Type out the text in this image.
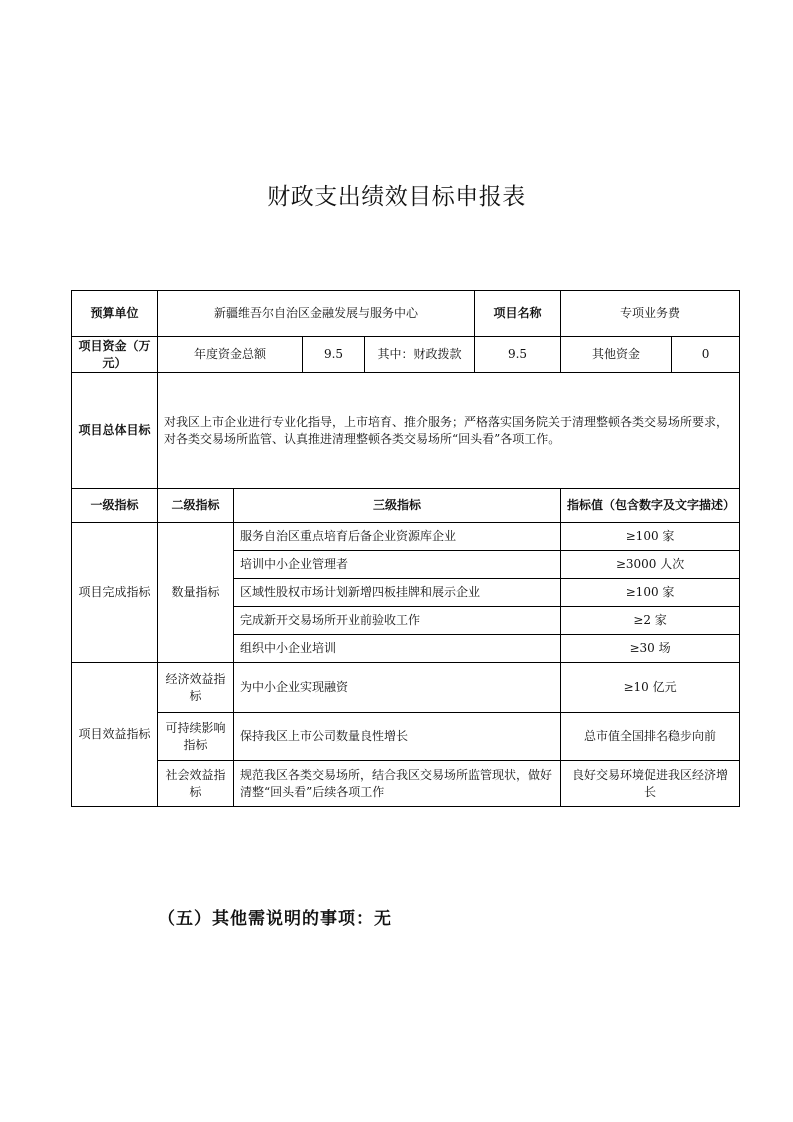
财政支出绩效目标申报表
预算单位	新疆维吾尔自治区金融发展与服务中心				项目名称	专项业务费	
项目资金（万元）	年度资金总额		9.5	其中：财政拨款	9.5	其他资金	0
项目总体目标	对我区上市企业进行专业化指导，上市培育、推介服务；严格落实国务院关于清理整顿各类交易场所要求，对各类交易场所监管、认真推进清理整顿各类交易场所“回头看”各项工作。						
一级指标	二级指标	三级指标				指标值（包含数字及文字描述）	
项目完成指标	数量指标	服务自治区重点培育后备企业资源库企业				≥100 家	
		培训中小企业管理者				≥3000 人次	
		区域性股权市场计划新增四板挂牌和展示企业				≥100 家	
		完成新开交易场所开业前验收工作				≥2 家	
		组织中小企业培训				≥30 场	
项目效益指标	经济效益指标	为中小企业实现融资				≥10 亿元	
	可持续影响指标	保持我区上市公司数量良性增长				总市值全国排名稳步向前	
	社会效益指标	规范我区各类交易场所，结合我区交易场所监管现状，做好清整“回头看”后续各项工作				良好交易环境促进我区经济增长	
（五）其他需说明的事项：无
